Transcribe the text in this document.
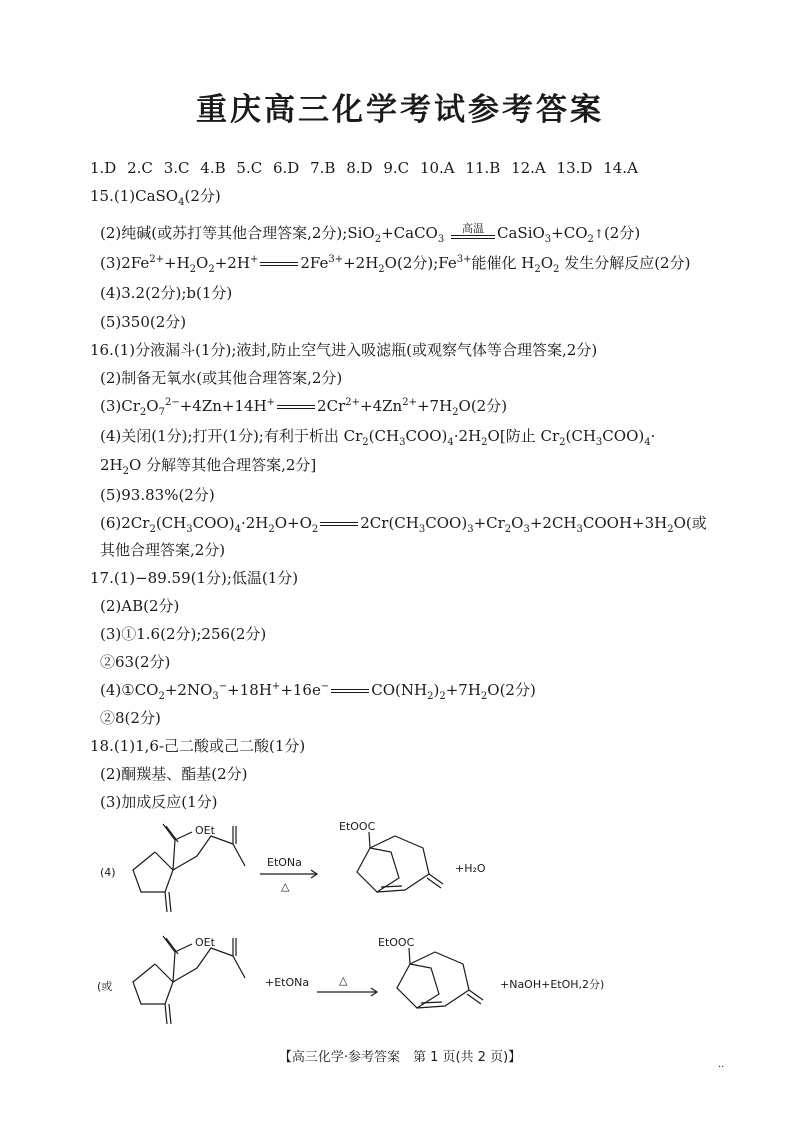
重庆高三化学考试参考答案
1.D 2.C 3.C 4.B 5.C 6.D 7.B 8.D 9.C 10.A 11.B 12.A 13.D 14.A
15.(1)CaSO$_4$(2分)
(2)纯碱(或苏打等其他合理答案,2分);SiO$_2$+CaCO$_3$
高温 $CaSiO_3+CO_2↑(2$分)
$(3)2Fe^{2+}+H_2O_2+2H^+$	$2Fe^{3+}+2H_2O(2$分)$;Fe^{3+}$能催化 $H_2O_2$ 发生分解反应(2分)
(4)3.2(2分);b(1分)
(5)350(2分)
16.(1)分液漏斗(1分);液封,防止空气进入吸滤瓶(或观察气体等合理答案,2分)
(2)制备无氧水(或其他合理答案,2分)
$(3)Cr_2O_7^{2-}+4Zn+14H^+$	$2Cr^{2+}+4Zn^{2+}+7H_2O(2$分)
(4)关闭(1分);打开(1分);有利于析出 $Cr_2(CH_3COO)_4\cdot 2H_2O$[防止 $Cr_2(CH_3COO)_4\cdot$
$2H_2O$ 分解等其他合理答案,2分]
(5)93.83%(2分)
$(6)2Cr_2(CH_3COO)_4\cdot 2H_2O+O_2$	$2Cr(CH_3COO)_3+Cr_2O_3+2CH_3COOH+3H_2O$(或
其他合理答案,2分)
17.(1)−89.59(1分);低温(1分)
(2)AB(2分)
(3)①1.6(2分);256(2分)
②63(2分)
$(4)①CO_2+2NO_3^-+18H^++16e^-$	$CO(NH_2)_2+7H_2O(2$分)
②8(2分)
18.(1)1,6-己二酸或己二酸(1分)
(2)酮羰基、酯基(2分)
(3)加成反应(1分)
(4)
OEt
EtONa
△
EtOOC
+H₂O
(或
OEt
+EtONa	△
EtOOC
+NaOH+EtOH,2分)
【高三化学·参考答案　第 1 页(共 2 页)】
··
